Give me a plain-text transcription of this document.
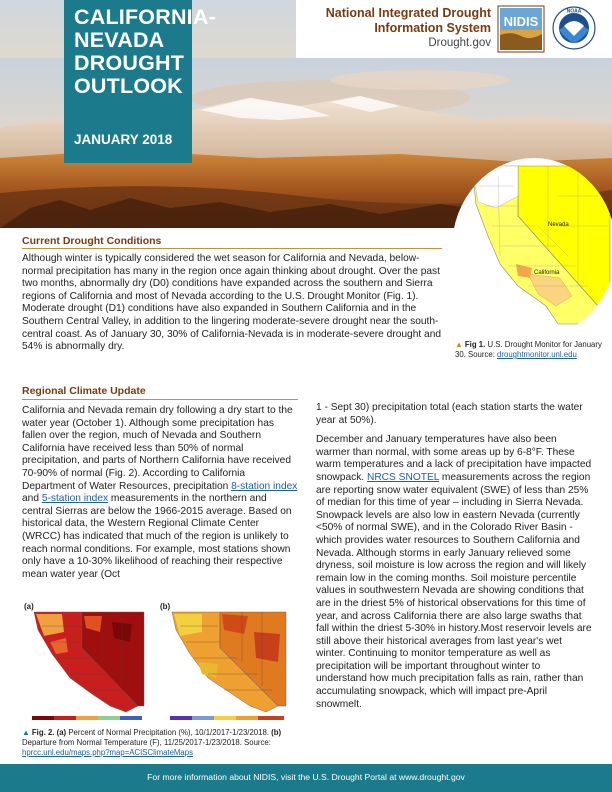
CALIFORNIA-
NEVADA
DROUGHT
OUTLOOK
JANUARY 2018
National Integrated Drought
Information System
Drought.gov
NIDIS
NOAA
Nevada
California
▲ Fig 1. U.S. Drought Monitor for January 30. Source: droughtmonitor.unl.edu
Current Drought Conditions
Although winter is typically considered the wet season for California and Nevada, below-normal precipitation has many in the region once again thinking about drought. Over the past two months, abnormally dry (D0) conditions have expanded across the southern and Sierra regions of California and most of Nevada according to the U.S. Drought Monitor (Fig. 1). Moderate drought (D1) conditions have also expanded in Southern California and in the Southern Central Valley, in addition to the lingering moderate-severe drought near the south-central coast. As of January 30, 30% of California-Nevada is in moderate-severe drought and 54% is abnormally dry.
Regional Climate Update
California and Nevada remain dry following a dry start to the water year (October 1). Although some precipitation has fallen over the region, much of Nevada and Southern California have received less than 50% of normal precipitation, and parts of Northern California have received 70-90% of normal (Fig. 2). According to California Department of Water Resources, precipitation 8-station index and 5-station index measurements in the northern and central Sierras are below the 1966-2015 average. Based on historical data, the Western Regional Climate Center (WRCC) has indicated that much of the region is unlikely to reach normal conditions. For example, most stations shown only have a 10-30% likelihood of reaching their respective mean water year (Oct

1 - Sept 30) precipitation total (each station starts the water year at 50%).

December and January temperatures have also been warmer than normal, with some areas up by 6-8°F. These warm temperatures and a lack of precipitation have impacted snowpack. NRCS SNOTEL measurements across the region are reporting snow water equivalent (SWE) of less than 25% of median for this time of year – including in Sierra Nevada. Snowpack levels are also low in eastern Nevada (currently <50% of normal SWE), and in the Colorado River Basin - which provides water resources to Southern California and Nevada. Although storms in early January relieved some dryness, soil moisture is low across the region and will likely remain low in the coming months. Soil moisture percentile values in southwestern Nevada are showing conditions that are in the driest 5% of historical observations for this time of year, and across California there are also large swaths that fall within the driest 5-30% in history.Most reservoir levels are still above their historical averages from last year's wet winter. Continuing to monitor temperature as well as precipitation will be important throughout winter to understand how much precipitation falls as rain, rather than accumulating snowpack, which will impact pre-April snowmelt.

(a)	(b)
▲ Fig. 2. (a) Percent of Normal Precipitation (%), 10/1/2017-1/23/2018. (b) Departure from Normal Temperature (F), 11/25/2017-1/23/2018. Source: hprcc.unl.edu/maps.php?map=ACISClimateMaps
For more information about NIDIS, visit the U.S. Drought Portal at www.drought.gov
